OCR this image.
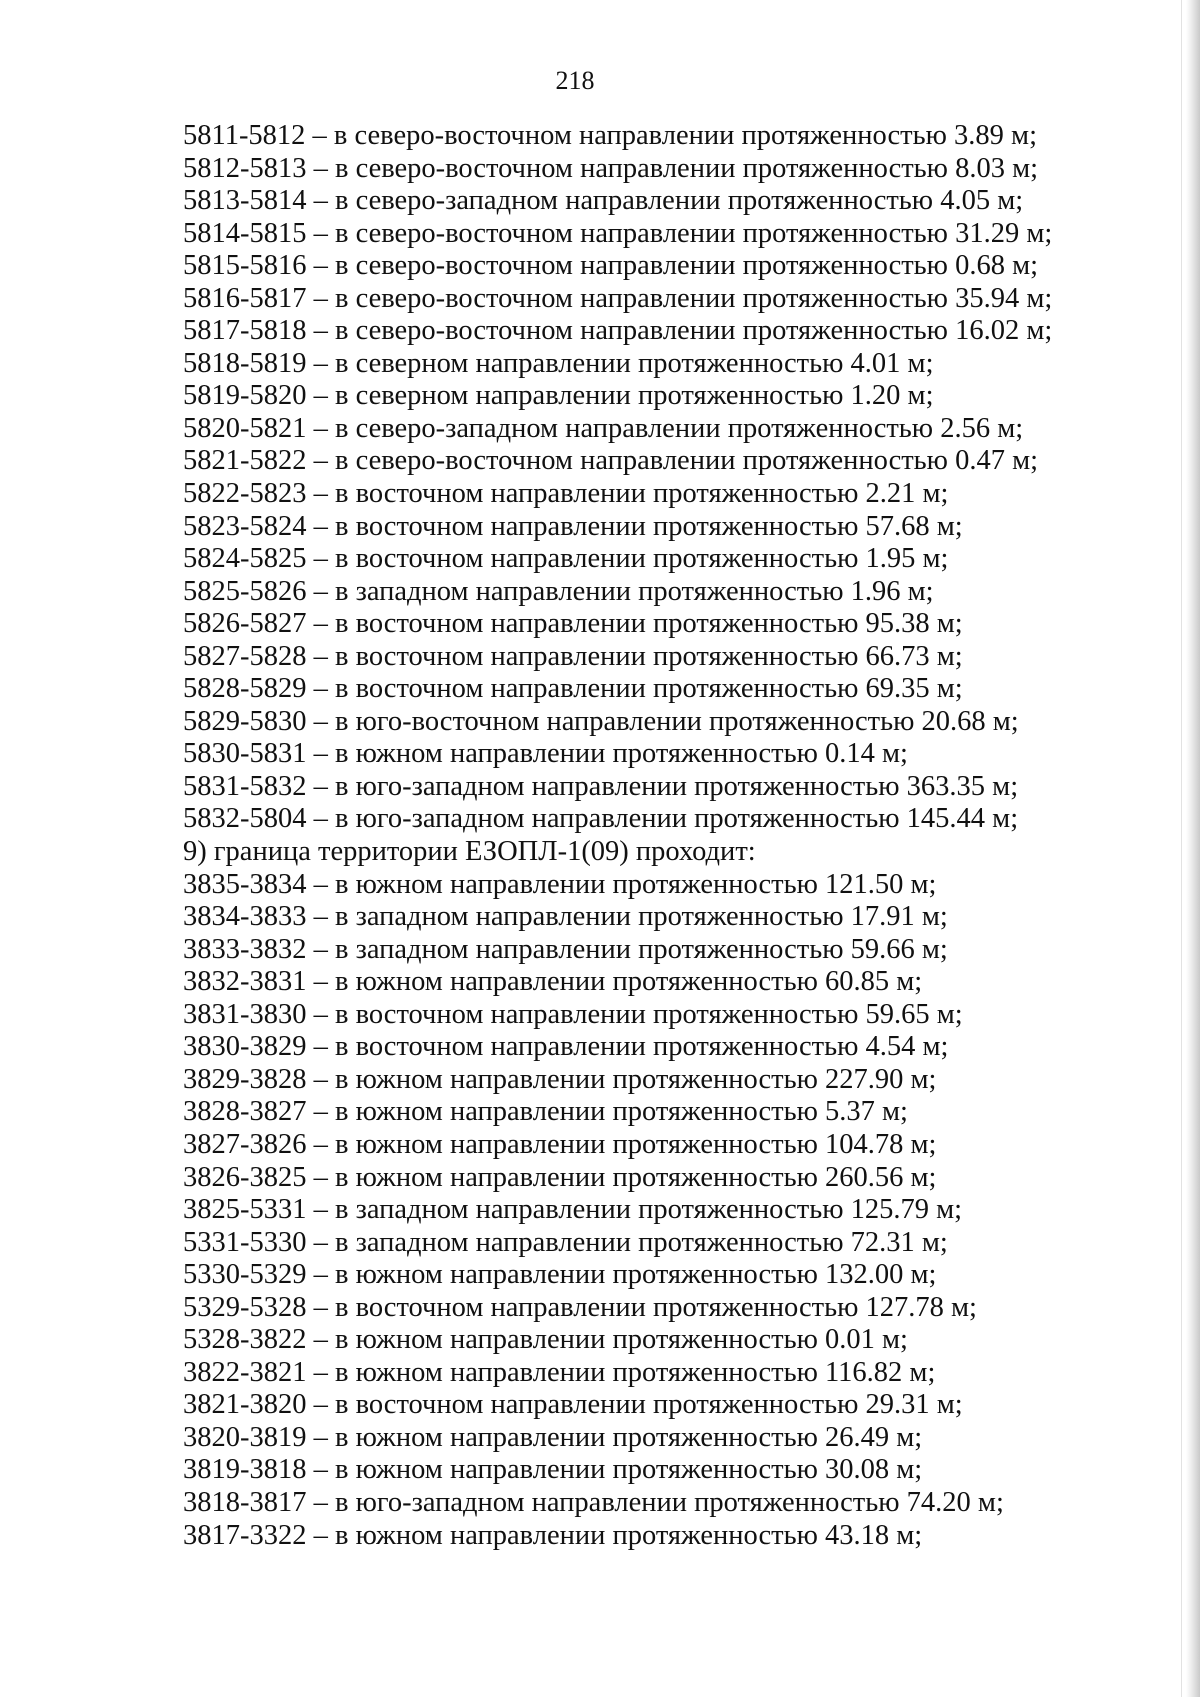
218
5811-5812 – в северо-восточном направлении протяженностью 3.89 м;
5812-5813 – в северо-восточном направлении протяженностью 8.03 м;
5813-5814 – в северо-западном направлении протяженностью 4.05 м;
5814-5815 – в северо-восточном направлении протяженностью 31.29 м;
5815-5816 – в северо-восточном направлении протяженностью 0.68 м;
5816-5817 – в северо-восточном направлении протяженностью 35.94 м;
5817-5818 – в северо-восточном направлении протяженностью 16.02 м;
5818-5819 – в северном направлении протяженностью 4.01 м;
5819-5820 – в северном направлении протяженностью 1.20 м;
5820-5821 – в северо-западном направлении протяженностью 2.56 м;
5821-5822 – в северо-восточном направлении протяженностью 0.47 м;
5822-5823 – в восточном направлении протяженностью 2.21 м;
5823-5824 – в восточном направлении протяженностью 57.68 м;
5824-5825 – в восточном направлении протяженностью 1.95 м;
5825-5826 – в западном направлении протяженностью 1.96 м;
5826-5827 – в восточном направлении протяженностью 95.38 м;
5827-5828 – в восточном направлении протяженностью 66.73 м;
5828-5829 – в восточном направлении протяженностью 69.35 м;
5829-5830 – в юго-восточном направлении протяженностью 20.68 м;
5830-5831 – в южном направлении протяженностью 0.14 м;
5831-5832 – в юго-западном направлении протяженностью 363.35 м;
5832-5804 – в юго-западном направлении протяженностью 145.44 м;
9) граница территории ЕЗОПЛ-1(09) проходит:
3835-3834 – в южном направлении протяженностью 121.50 м;
3834-3833 – в западном направлении протяженностью 17.91 м;
3833-3832 – в западном направлении протяженностью 59.66 м;
3832-3831 – в южном направлении протяженностью 60.85 м;
3831-3830 – в восточном направлении протяженностью 59.65 м;
3830-3829 – в восточном направлении протяженностью 4.54 м;
3829-3828 – в южном направлении протяженностью 227.90 м;
3828-3827 – в южном направлении протяженностью 5.37 м;
3827-3826 – в южном направлении протяженностью 104.78 м;
3826-3825 – в южном направлении протяженностью 260.56 м;
3825-5331 – в западном направлении протяженностью 125.79 м;
5331-5330 – в западном направлении протяженностью 72.31 м;
5330-5329 – в южном направлении протяженностью 132.00 м;
5329-5328 – в восточном направлении протяженностью 127.78 м;
5328-3822 – в южном направлении протяженностью 0.01 м;
3822-3821 – в южном направлении протяженностью 116.82 м;
3821-3820 – в восточном направлении протяженностью 29.31 м;
3820-3819 – в южном направлении протяженностью 26.49 м;
3819-3818 – в южном направлении протяженностью 30.08 м;
3818-3817 – в юго-западном направлении протяженностью 74.20 м;
3817-3322 – в южном направлении протяженностью 43.18 м;
